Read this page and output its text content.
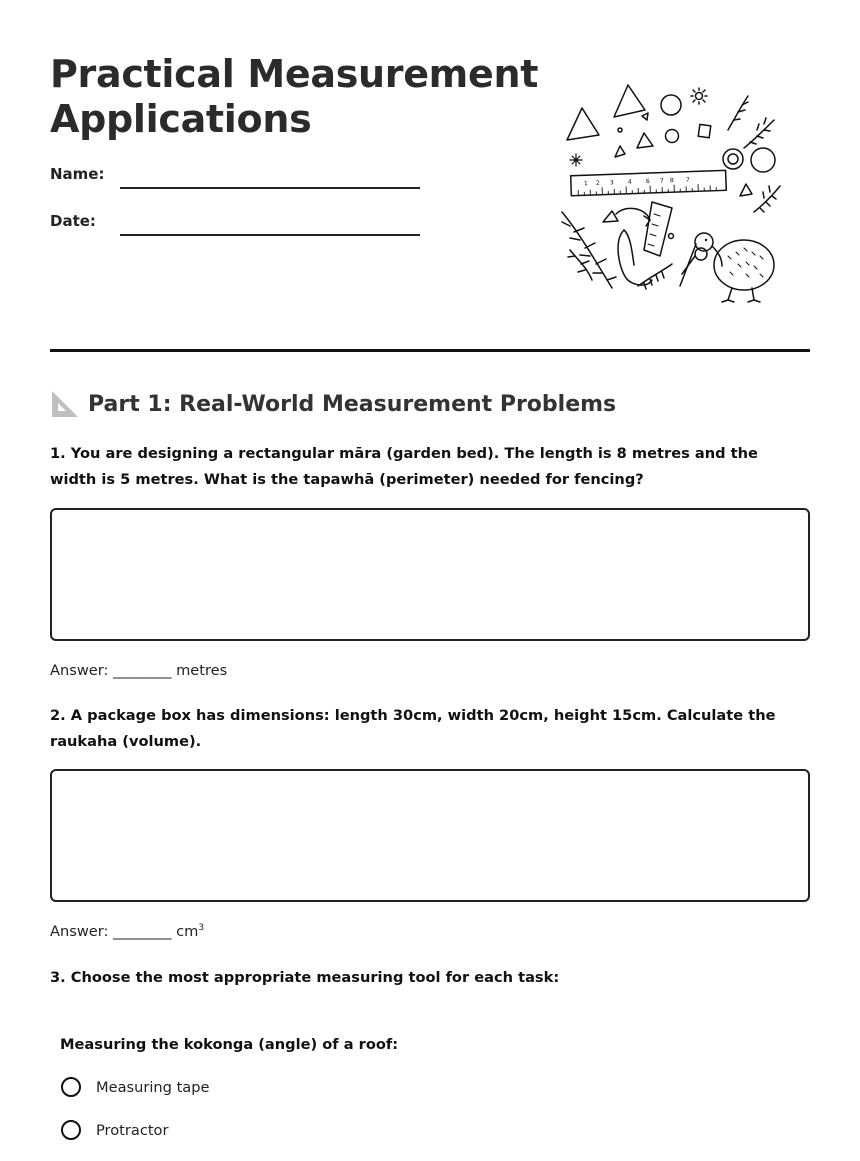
Practical Measurement
Applications
Name:
Date:
1 2 3 4 6 7 8 7
Part 1: Real-World Measurement Problems

1. You are designing a rectangular māra (garden bed). The length is 8 metres and the width is 5 metres. What is the tapawhā (perimeter) needed for fencing?

Answer: ________ metres

2. A package box has dimensions: length 30cm, width 20cm, height 15cm. Calculate the raukaha (volume).

Answer: ________ $cm^3$

3. Choose the most appropriate measuring tool for each task:

Measuring the kokonga (angle) of a roof:
Measuring tape
Protractor
